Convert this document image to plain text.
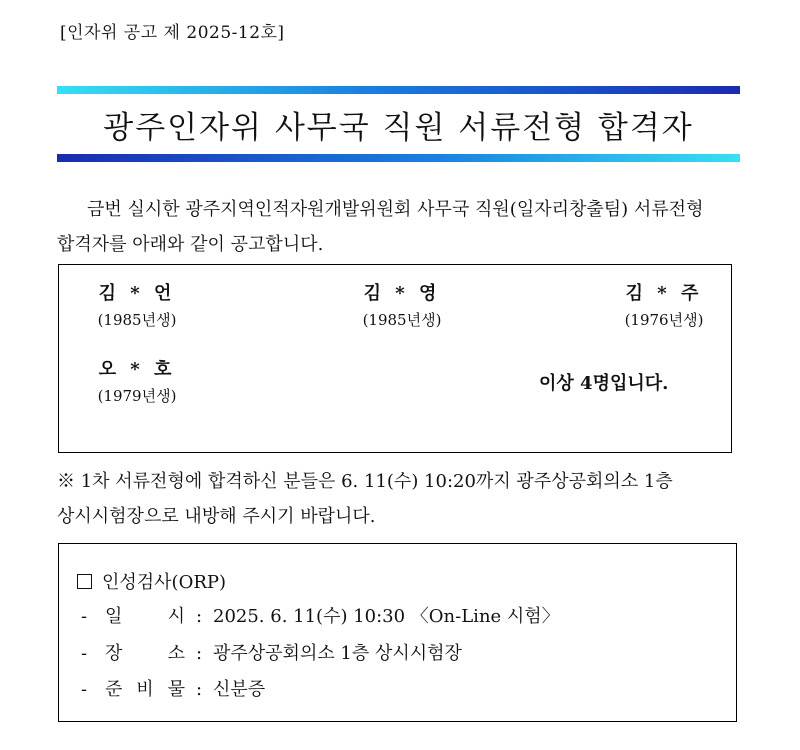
[인자위 공고 제 2025-12호]
광주인자위 사무국 직원 서류전형 합격자
금번 실시한 광주지역인적자원개발위원회 사무국 직원(일자리창출팀) 서류전형
합격자를 아래와 같이 공고합니다.
김 * 언
(1985년생)
김 * 영
(1985년생)
김 * 주
(1976년생)
오 * 호
(1979년생)
이상 4명입니다.
※ 1차 서류전형에 합격하신 분들은 6. 11(수) 10:20까지 광주상공회의소 1층
상시시험장으로 내방해 주시기 바랍니다.
인성검사(ORP)
- 일	시 : 2025. 6. 11(수) 10:30 〈On-Line 시험〉
- 장	소 : 광주상공회의소 1층 상시시험장
- 준 비 물 : 신분증
